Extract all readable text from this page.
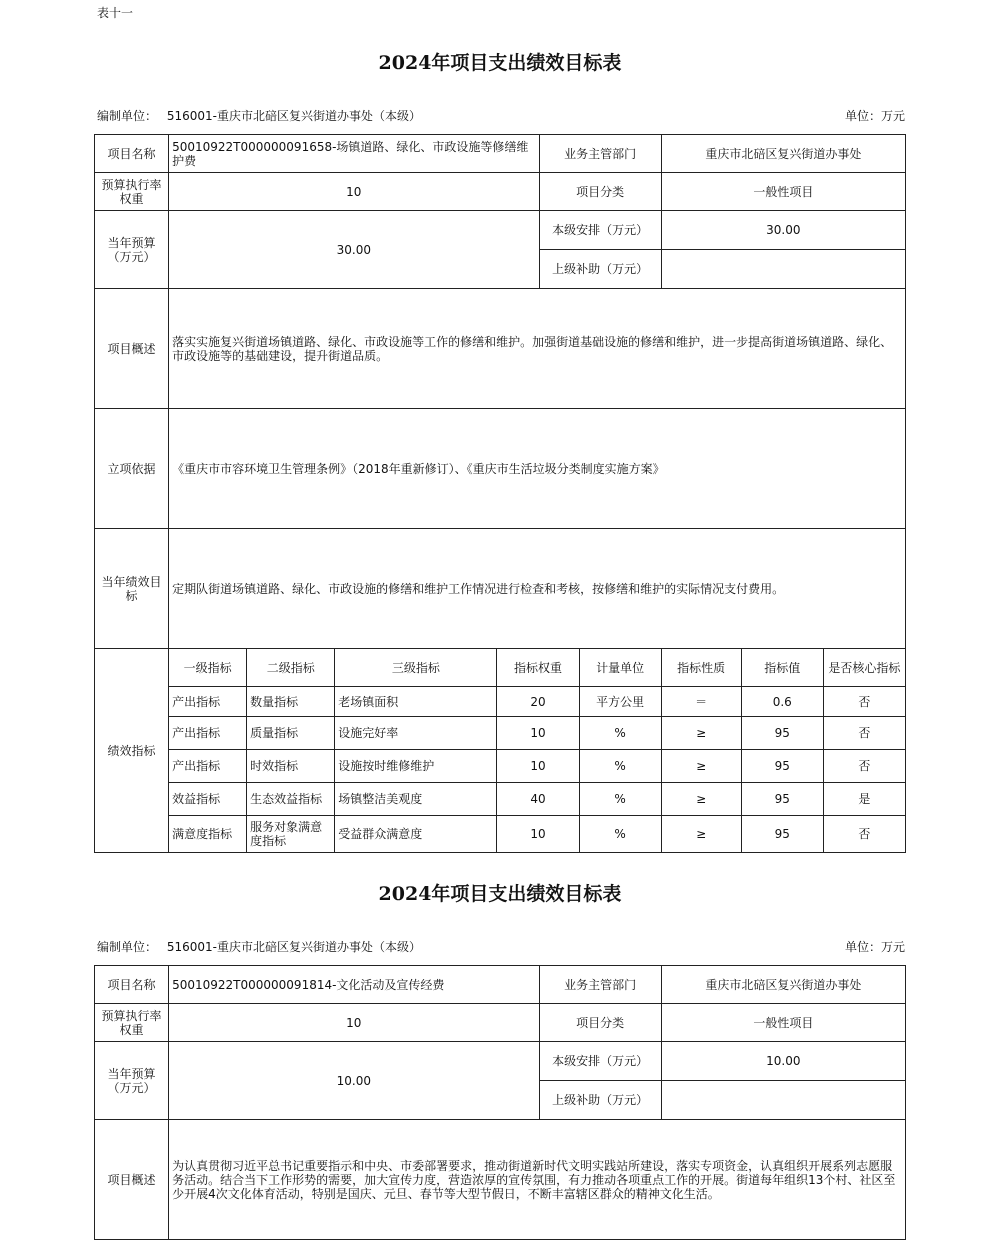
表十一
2024年项目支出绩效目标表
编制单位： 516001-重庆市北碚区复兴街道办事处（本级）	单位：万元
项目名称	50010922T000000091658-场镇道路、绿化、市政设施等修缮维护费				业务主管部门		重庆市北碚区复兴街道办事处		
预算执行率权重	10				项目分类		一般性项目		
当年预算（万元）	30.00				本级安排（万元）		30.00		
					上级补助（万元）				
项目概述	落实实施复兴街道场镇道路、绿化、市政设施等工作的修缮和维护。加强街道基础设施的修缮和维护，进一步提高街道场镇道路、绿化、市政设施等的基础建设，提升街道品质。								
立项依据	《重庆市市容环境卫生管理条例》（2018年重新修订）、《重庆市生活垃圾分类制度实施方案》								
当年绩效目标	定期队街道场镇道路、绿化、市政设施的修缮和维护工作情况进行检查和考核，按修缮和维护的实际情况支付费用。								
绩效指标	一级指标	二级指标	三级指标	指标权重		计量单位	指标性质	指标值	是否核心指标
	产出指标	数量指标	老场镇面积	20		平方公里	＝	0.6	否
	产出指标	质量指标	设施完好率	10		%	≥	95	否
	产出指标	时效指标	设施按时维修维护	10		%	≥	95	否
	效益指标	生态效益指标	场镇整洁美观度	40		%	≥	95	是
	满意度指标	服务对象满意度指标	受益群众满意度	10		%	≥	95	否
2024年项目支出绩效目标表
编制单位： 516001-重庆市北碚区复兴街道办事处（本级）	单位：万元
项目名称	50010922T000000091814-文化活动及宣传经费	业务主管部门	重庆市北碚区复兴街道办事处
预算执行率权重	10	项目分类	一般性项目
当年预算（万元）	10.00	本级安排（万元）	10.00
		上级补助（万元）	
项目概述	为认真贯彻习近平总书记重要指示和中央、市委部署要求，推动街道新时代文明实践站所建设，落实专项资金，认真组织开展系列志愿服务活动。结合当下工作形势的需要，加大宣传力度，营造浓厚的宣传氛围，有力推动各项重点工作的开展。街道每年组织13个村、社区至少开展4次文化体育活动，特别是国庆、元旦、春节等大型节假日，不断丰富辖区群众的精神文化生活。		
